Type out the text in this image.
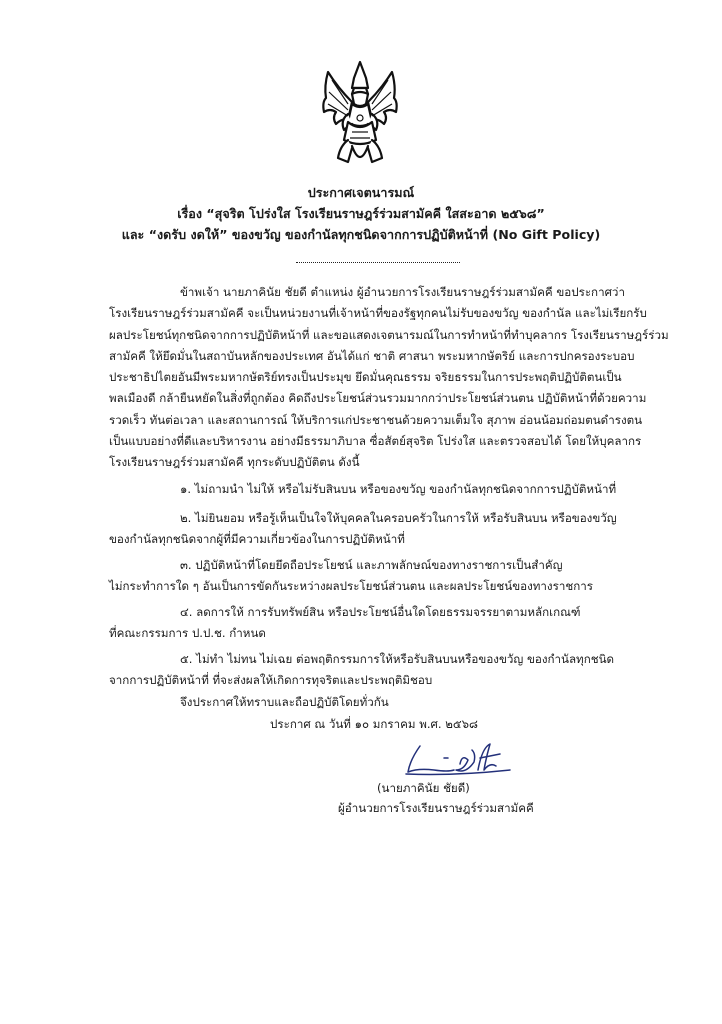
ประกาศเจตนารมณ์
เรื่อง “สุจริต โปร่งใส โรงเรียนราษฎร์ร่วมสามัคคี ใสสะอาด ๒๕๖๘”
และ “งดรับ งดให้” ของขวัญ ของกำนัลทุกชนิดจากการปฏิบัติหน้าที่ (No Gift Policy)
ข้าพเจ้า นายภาคินัย ชัยดี ตำแหน่ง ผู้อำนวยการโรงเรียนราษฎร์ร่วมสามัคคี ขอประกาศว่า
โรงเรียนราษฎร์ร่วมสามัคคี จะเป็นหน่วยงานที่เจ้าหน้าที่ของรัฐทุกคนไม่รับของขวัญ ของกำนัล และไม่เรียกรับ
ผลประโยชน์ทุกชนิดจากการปฏิบัติหน้าที่ และขอแสดงเจตนารมณ์ในการทำหน้าที่ทำบุคลากร โรงเรียนราษฎร์ร่วม
สามัคคี ให้ยึดมั่นในสถาบันหลักของประเทศ อันได้แก่ ชาติ ศาสนา พระมหากษัตริย์ และการปกครองระบอบ
ประชาธิปไตยอันมีพระมหากษัตริย์ทรงเป็นประมุข ยึดมั่นคุณธรรม จริยธรรมในการประพฤติปฏิบัติตนเป็น
พลเมืองดี กล้ายืนหยัดในสิ่งที่ถูกต้อง คิดถึงประโยชน์ส่วนรวมมากกว่าประโยชน์ส่วนตน ปฏิบัติหน้าที่ด้วยความ
รวดเร็ว ทันต่อเวลา และสถานการณ์ ให้บริการแก่ประชาชนด้วยความเต็มใจ สุภาพ อ่อนน้อมถ่อมตนดำรงตน
เป็นแบบอย่างที่ดีและบริหารงาน อย่างมีธรรมาภิบาล ซื่อสัตย์สุจริต โปร่งใส และตรวจสอบได้ โดยให้บุคลากร
โรงเรียนราษฎร์ร่วมสามัคคี ทุกระดับปฏิบัติตน ดังนี้
๑. ไม่ถามนำ ไม่ให้ หรือไม่รับสินบน หรือของขวัญ ของกำนัลทุกชนิดจากการปฏิบัติหน้าที่
๒. ไม่ยินยอม หรือรู้เห็นเป็นใจให้บุคคลในครอบครัวในการให้ หรือรับสินบน หรือของขวัญ
ของกำนัลทุกชนิดจากผู้ที่มีความเกี่ยวข้องในการปฏิบัติหน้าที่
๓. ปฏิบัติหน้าที่โดยยึดถือประโยชน์ และภาพลักษณ์ของทางราชการเป็นสำคัญ
ไม่กระทำการใด ๆ อันเป็นการขัดกันระหว่างผลประโยชน์ส่วนตน และผลประโยชน์ของทางราชการ
๔. ลดการให้ การรับทรัพย์สิน หรือประโยชน์อื่นใดโดยธรรมจรรยาตามหลักเกณฑ์
ที่คณะกรรมการ ป.ป.ช. กำหนด
๕. ไม่ทำ ไม่ทน ไม่เฉย ต่อพฤติกรรมการให้หรือรับสินบนหรือของขวัญ ของกำนัลทุกชนิด
จากการปฏิบัติหน้าที่ ที่จะส่งผลให้เกิดการทุจริตและประพฤติมิชอบ
จึงประกาศให้ทราบและถือปฏิบัติโดยทั่วกัน
ประกาศ ณ วันที่ ๑๐ มกราคม พ.ศ. ๒๕๖๘
(นายภาคินัย ชัยดี)
ผู้อำนวยการโรงเรียนราษฎร์ร่วมสามัคคี
